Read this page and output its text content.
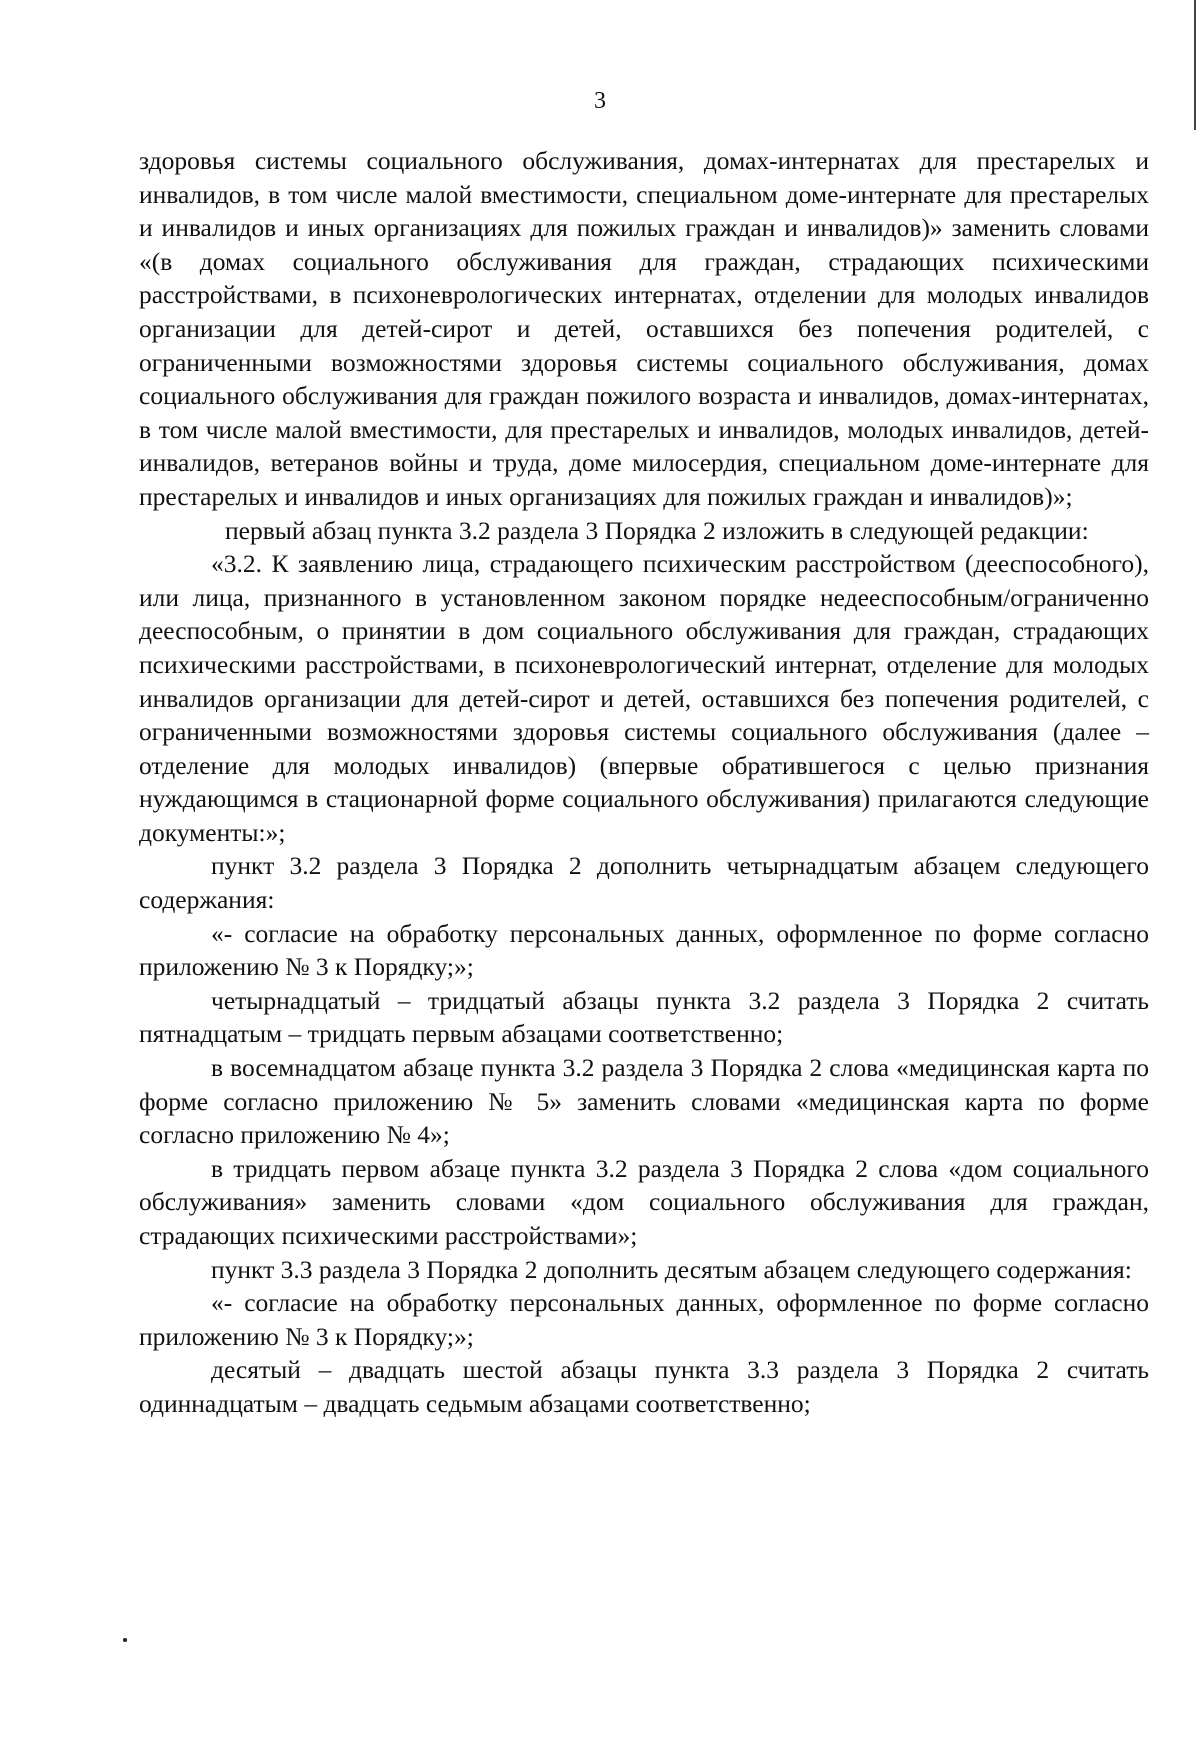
3

здоровья системы социального обслуживания, домах-интернатах для престарелых и инвалидов, в том числе малой вместимости, специальном доме-интернате для престарелых и инвалидов и иных организациях для пожилых граждан и инвалидов)» заменить словами «(в домах социального обслуживания для граждан, страдающих психическими расстройствами, в психоневрологических интернатах, отделении для молодых инвалидов организации для детей-сирот и детей, оставшихся без попечения родителей, с ограниченными возможностями здоровья системы социального обслуживания, домах социального обслуживания для граждан пожилого возраста и инвалидов, домах-интернатах, в том числе малой вместимости, для престарелых и инвалидов, молодых инвалидов, детей-инвалидов, ветеранов войны и труда, доме милосердия, специальном доме-интернате для престарелых и инвалидов и иных организациях для пожилых граждан и инвалидов)»;

первый абзац пункта 3.2 раздела 3 Порядка 2 изложить в следующей редакции:

«3.2. К заявлению лица, страдающего психическим расстройством (дееспособного), или лица, признанного в установленном законом порядке недееспособным/ограниченно дееспособным, о принятии в дом социального обслуживания для граждан, страдающих психическими расстройствами, в психоневрологический интернат, отделение для молодых инвалидов организации для детей-сирот и детей, оставшихся без попечения родителей, с ограниченными возможностями здоровья системы социального обслуживания (далее – отделение для молодых инвалидов) (впервые обратившегося с целью признания нуждающимся в стационарной форме социального обслуживания) прилагаются следующие документы:»;

пункт 3.2 раздела 3 Порядка 2 дополнить четырнадцатым абзацем следующего содержания:

«- согласие на обработку персональных данных, оформленное по форме согласно приложению № 3 к Порядку;»;

четырнадцатый – тридцатый абзацы пункта 3.2 раздела 3 Порядка 2 считать пятнадцатым – тридцать первым абзацами соответственно;

в восемнадцатом абзаце пункта 3.2 раздела 3 Порядка 2 слова «медицинская карта по форме согласно приложению № 5» заменить словами «медицинская карта по форме согласно приложению № 4»;

в тридцать первом абзаце пункта 3.2 раздела 3 Порядка 2 слова «дом социального обслуживания» заменить словами «дом социального обслуживания для граждан, страдающих психическими расстройствами»;

пункт 3.3 раздела 3 Порядка 2 дополнить десятым абзацем следующего содержания:

«- согласие на обработку персональных данных, оформленное по форме согласно приложению № 3 к Порядку;»;

десятый – двадцать шестой абзацы пункта 3.3 раздела 3 Порядка 2 считать одиннадцатым – двадцать седьмым абзацами соответственно;
